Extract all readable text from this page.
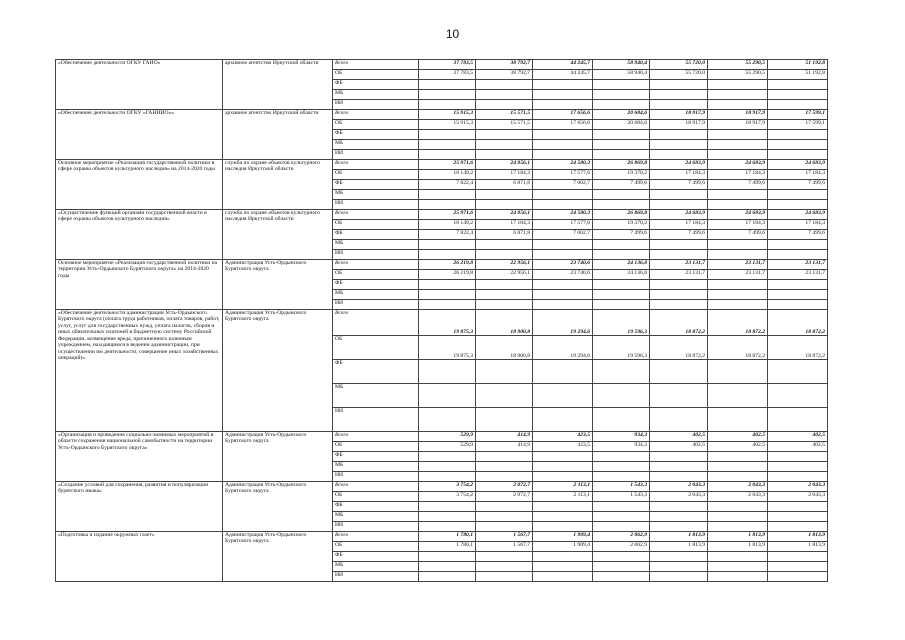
10
«Обеспечение деятельности ОГКУ ГАИО»	архивное агентство Иркутской области	Всего	37 783,5	38 792,7	44 245,7	58 940,4	55 720,0	55 290,5	51 192,8
		ОБ	37 783,5	38 792,7	44 245,7	58 940,4	55 720,0	55 290,5	51 192,8
		ФБ							
		МБ							
		ИИ							
«Обеспечение деятельности ОГКУ «ГАНИИО»»	архивное агентство Иркутской области	Всего	15 915,3	15 571,5	17 656,6	20 684,6	18 917,9	18 917,9	17 599,1
		ОБ	15 915,3	15 571,5	17 656,6	20 684,6	18 917,9	18 917,9	17 599,1
		ФБ							
		МБ							
		ИИ							
Основное мероприятие «Реализация государственной политики в сфере охраны объектов культурного наследия» на 2014-2020 годы	служба по охране объектов культурного наследия Иркутской области	Всего	25 971,6	24 056,1	24 580,3	26 869,8	24 683,9	24 683,9	24 683,9
		ОБ	18 149,2	17 184,3	17 577,6	19 370,2	17 184,3	17 184,3	17 184,3
		ФБ	7 822,4	6 871,8	7 002,7	7 499,6	7 499,6	7 499,6	7 499,6
		МБ							
		ИИ							
«Осуществление функций органами государственной власти в сфере охраны объектов культурного наследия»	служба по охране объектов культурного наследия Иркутской области	Всего	25 971,6	24 056,1	24 580,3	26 869,8	24 683,9	24 683,9	24 683,9
		ОБ	18 149,2	17 184,3	17 577,6	19 370,2	17 184,3	17 184,3	17 184,3
		ФБ	7 822,4	6 871,8	7 002,7	7 499,6	7 499,6	7 499,6	7 499,6
		МБ							
		ИИ							
Основное мероприятие «Реализация государственной политики на территории Усть-Ордынского Бурятского округа» на 2014-2020 годы	Администрация Усть-Ордынского Бурятского округа	Всего	26 219,8	22 956,1	23 740,6	24 136,8	23 131,7	23 131,7	23 131,7
		ОБ	26 219,8	22 956,1	23 740,6	24 136,8	23 131,7	23 131,7	23 131,7
		ФБ							
		МБ							
		ИИ							
«Обеспечение деятельности администрации Усть-Ордынского Бурятского округа (оплата труда работников, оплата товаров, работ, услуг, услуг для государственных нужд, уплата налогов, сборов и иных обязательных платежей в бюджетную систему Российской Федерации, возмещение вреда, причиненного казенным учреждением, находящимся в ведении администрации, при осуществлении им деятельности, совершение иных хозяйственных операций)»	Администрация Усть-Ордынского Бурятского округа	Всего	19 875,3	18 900,8	19 294,6	19 596,3	18 872,2	18 872,2	18 872,2
		ОБ	19 875,3	18 900,8	19 294,6	19 596,3	18 872,2	18 872,2	18 872,2
		ФБ							
		МБ							
		ИИ							
«Организация и проведение социально-значимых мероприятий в области сохранения национальной самобытности на территории Усть-Ордынского Бурятского округа»	Администрация Усть-Ордынского Бурятского округа	Всего	529,9	414,9	423,5	934,3	402,5	402,5	402,5
		ОБ	529,9	414,9	423,5	934,3	402,5	402,5	402,5
		ФБ							
		МБ							
		ИИ							
«Создание условий для сохранения, развития и популяризации бурятского языка»	Администрация Усть-Ордынского Бурятского округа	Всего	3 754,2	2 072,7	2 113,1	1 543,3	2 043,3	2 043,3	2 043,3
		ОБ	3 754,2	2 072,7	2 113,1	1 543,3	2 043,3	2 043,3	2 043,3
		ФБ							
		МБ							
		ИИ							
«Подготовка и издание окружных газет»	Администрация Усть-Ордынского Бурятского округа	Всего	1 780,1	1 567,7	1 909,4	2 062,9	1 813,9	1 813,9	1 813,9
		ОБ	1 780,1	1 567,7	1 909,4	2 062,9	1 813,9	1 813,9	1 813,9
		ФБ							
		МБ							
		ИИ							
